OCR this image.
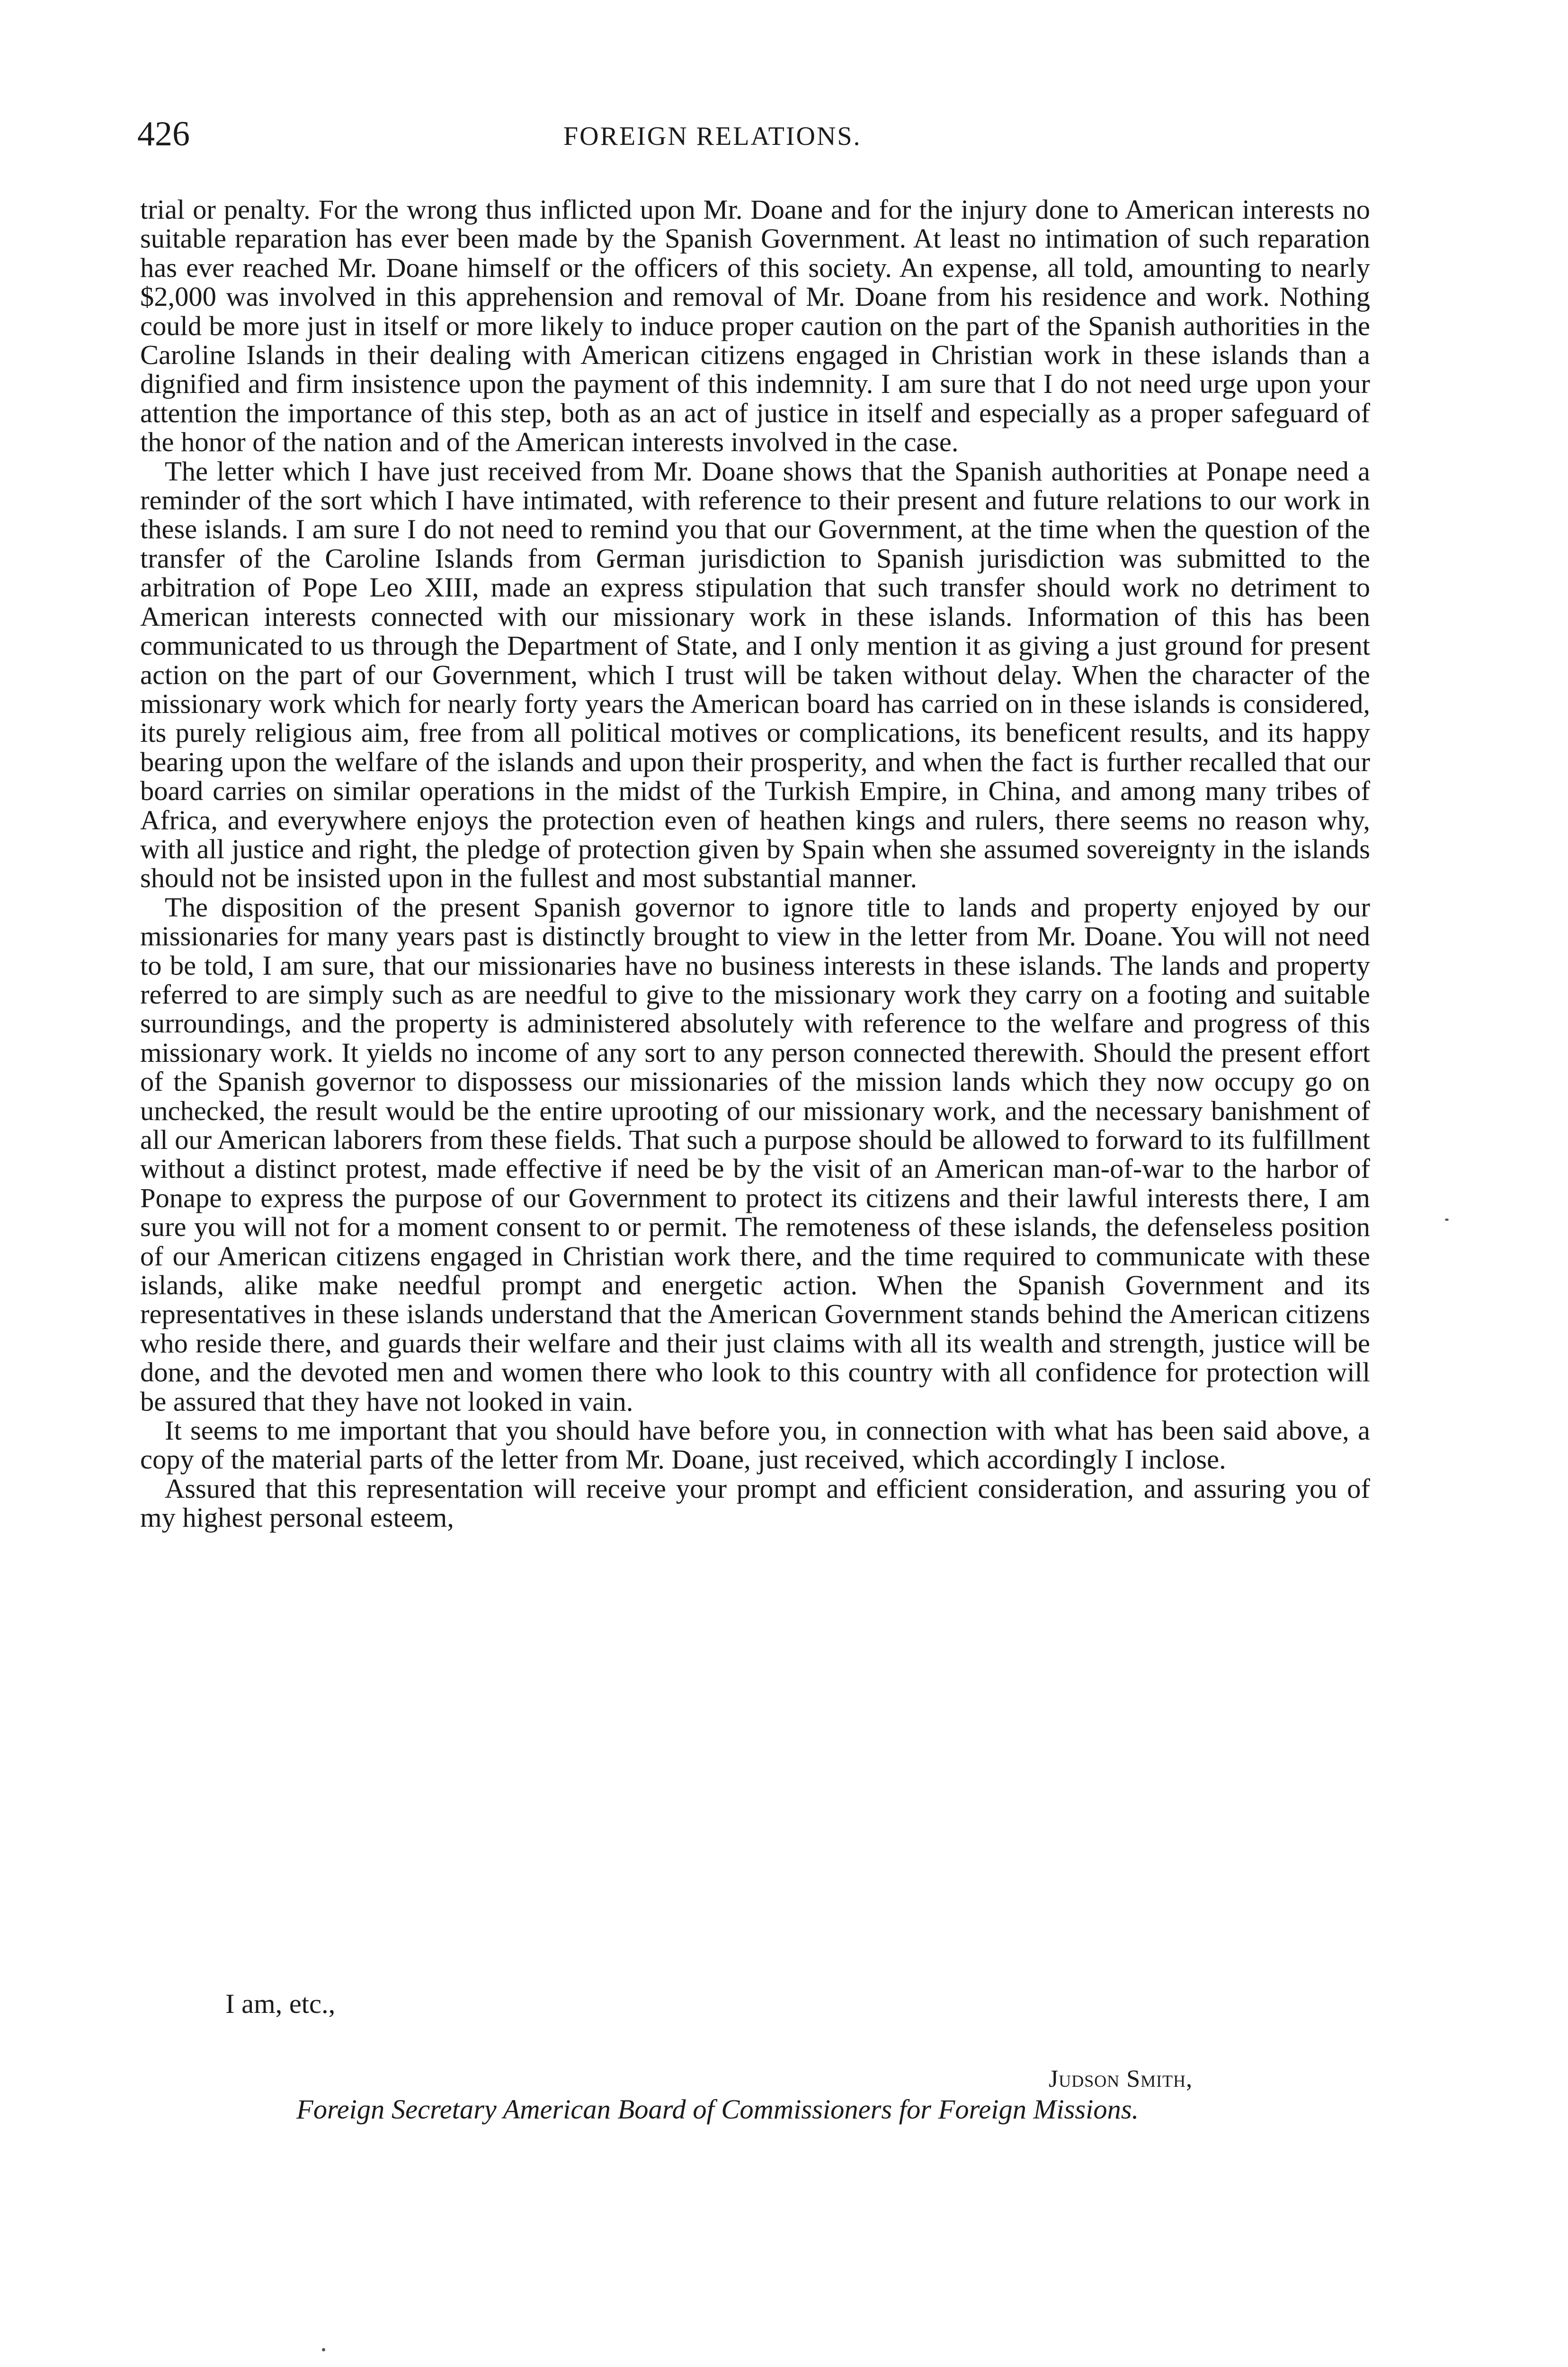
426	FOREIGN RELATIONS.

trial or penalty. For the wrong thus inflicted upon Mr. Doane and for the injury done to American interests no suitable reparation has ever been made by the Spanish Government. At least no intimation of such reparation has ever reached Mr. Doane himself or the officers of this society. An expense, all told, amounting to nearly $2,000 was involved in this apprehension and removal of Mr. Doane from his residence and work. Nothing could be more just in itself or more likely to induce proper caution on the part of the Spanish authorities in the Caroline Islands in their dealing with American citizens engaged in Christian work in these islands than a dignified and firm insistence upon the payment of this indemnity. I am sure that I do not need urge upon your attention the importance of this step, both as an act of justice in itself and especially as a proper safeguard of the honor of the nation and of the American interests involved in the case.

The letter which I have just received from Mr. Doane shows that the Spanish authorities at Ponape need a reminder of the sort which I have intimated, with reference to their present and future relations to our work in these islands. I am sure I do not need to remind you that our Government, at the time when the question of the transfer of the Caroline Islands from German jurisdiction to Spanish jurisdiction was submitted to the arbitration of Pope Leo XIII, made an express stipulation that such transfer should work no detriment to American interests connected with our missionary work in these islands. Information of this has been communicated to us through the Department of State, and I only mention it as giving a just ground for present action on the part of our Government, which I trust will be taken without delay. When the character of the missionary work which for nearly forty years the American board has carried on in these islands is considered, its purely religious aim, free from all political motives or complications, its beneficent results, and its happy bearing upon the welfare of the islands and upon their prosperity, and when the fact is further recalled that our board carries on similar operations in the midst of the Turkish Empire, in China, and among many tribes of Africa, and everywhere enjoys the protection even of heathen kings and rulers, there seems no reason why, with all justice and right, the pledge of protection given by Spain when she assumed sovereignty in the islands should not be insisted upon in the fullest and most substantial manner.

The disposition of the present Spanish governor to ignore title to lands and property enjoyed by our missionaries for many years past is distinctly brought to view in the letter from Mr. Doane. You will not need to be told, I am sure, that our missionaries have no business interests in these islands. The lands and property referred to are simply such as are needful to give to the missionary work they carry on a footing and suitable surroundings, and the property is administered absolutely with reference to the welfare and progress of this missionary work. It yields no income of any sort to any person connected therewith. Should the present effort of the Spanish governor to dispossess our missionaries of the mission lands which they now occupy go on unchecked, the result would be the entire uprooting of our missionary work, and the necessary banishment of all our American laborers from these fields. That such a purpose should be allowed to forward to its fulfillment without a distinct protest, made effective if need be by the visit of an American man-of-war to the harbor of Ponape to express the purpose of our Government to protect its citizens and their lawful interests there, I am sure you will not for a moment consent to or permit. The remoteness of these islands, the defenseless position of our American citizens engaged in Christian work there, and the time required to communicate with these islands, alike make needful prompt and energetic action. When the Spanish Government and its representatives in these islands understand that the American Government stands behind the American citizens who reside there, and guards their welfare and their just claims with all its wealth and strength, justice will be done, and the devoted men and women there who look to this country with all confidence for protection will be assured that they have not looked in vain.

It seems to me important that you should have before you, in connection with what has been said above, a copy of the material parts of the letter from Mr. Doane, just received, which accordingly I inclose.

Assured that this representation will receive your prompt and efficient consideration, and assuring you of my highest personal esteem,

I am, etc.,
Judson Smith,
Foreign Secretary American Board of Commissioners for Foreign Missions.
